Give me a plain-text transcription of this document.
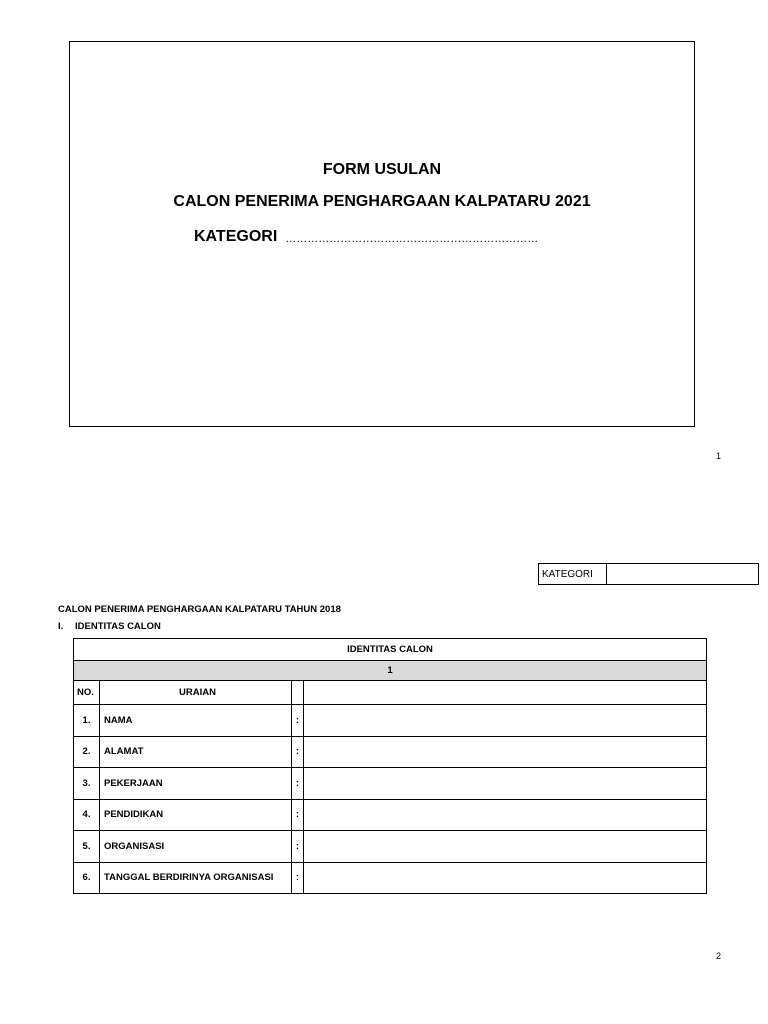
FORM USULAN
CALON PENERIMA PENGHARGAAN KALPATARU 2021
KATEGORI ……………………………………………………………
1
KATEGORI
CALON PENERIMA PENGHARGAAN KALPATARU TAHUN 2018
I. IDENTITAS CALON
IDENTITAS CALON			
1			
NO.	URAIAN		
1.	NAMA	:	
2.	ALAMAT	:	
3.	PEKERJAAN	:	
4.	PENDIDIKAN	:	
5.	ORGANISASI	:	
6.	TANGGAL BERDIRINYA ORGANISASI	:	
2
